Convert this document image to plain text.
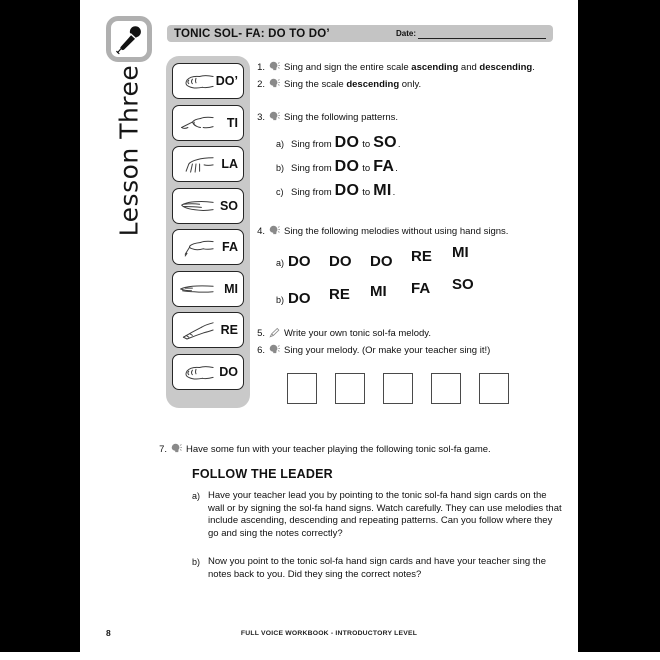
TONIC SOL- FA: DO TO DO’	Date:
Lesson Three	DO’
TI
LA
SO
FA
MI
RE
DO
1. Sing and sign the entire scale ascending and descending.
2. Sing the scale descending only.
3. Sing the following patterns.
a) Sing from DO to SO .
b) Sing from DO to FA .
c) Sing from DO to MI .
4. Sing the following melodies without using hand signs.
a) DO	DO	DO	RE	MI
b) DO	RE	MI	FA	SO
5. Write your own tonic sol-fa melody.
6. Sing your melody. (Or make your teacher sing it!)
7. Have some fun with your teacher playing the following tonic sol-fa game.
FOLLOW THE LEADER
a) Have your teacher lead you by pointing to the tonic sol-fa hand sign cards on the wall or by signing the sol-fa hand signs. Watch carefully. They can use melodies that include ascending, descending and repeating patterns. Can you follow where they go and sing the notes correctly?
b) Now you point to the tonic sol-fa hand sign cards and have your teacher sing the notes back to you. Did they sing the correct notes?
8	FULL VOICE WORKBOOK - INTRODUCTORY LEVEL
